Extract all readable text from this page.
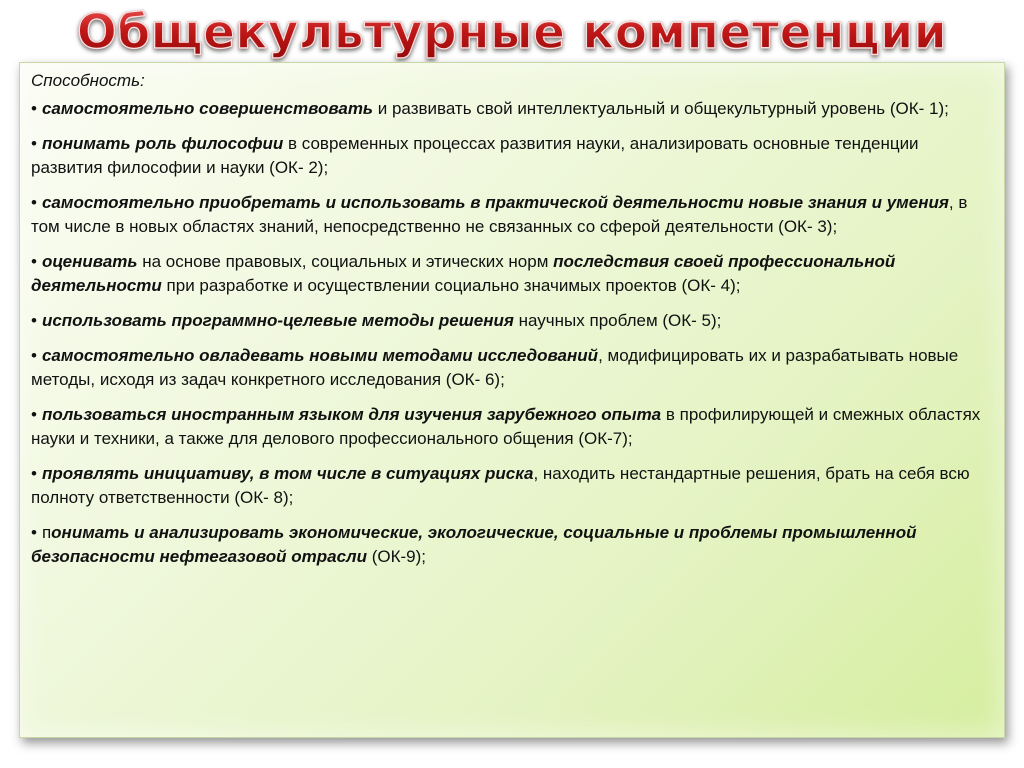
Общекультурные компетенции

Способность:

• самостоятельно совершенствовать и развивать свой интеллектуальный и общекультурный уровень (ОК- 1);
• понимать роль философии в современных процессах развития науки, анализировать основные тенденции развития философии и науки (ОК- 2);
• самостоятельно приобретать и использовать в практической деятельности новые знания и умения, в том числе в новых областях знаний, непосредственно не связанных со сферой деятельности (ОК- 3);
• оценивать на основе правовых, социальных и этических норм последствия своей профессиональной деятельности при разработке и осуществлении социально значимых проектов (ОК- 4);
• использовать программно-целевые методы решения научных проблем (ОК- 5);
• самостоятельно овладевать новыми методами исследований, модифицировать их и разрабатывать новые методы, исходя из задач конкретного исследования (ОК- 6);
• пользоваться иностранным языком для изучения зарубежного опыта в профилирующей и смежных областях науки и техники, а также для делового профессионального общения (ОК-7);
• проявлять инициативу, в том числе в ситуациях риска, находить нестандартные решения, брать на себя всю полноту ответственности (ОК- 8);
• понимать и анализировать экономические, экологические, социальные и проблемы промышленной безопасности нефтегазовой отрасли (ОК-9);
